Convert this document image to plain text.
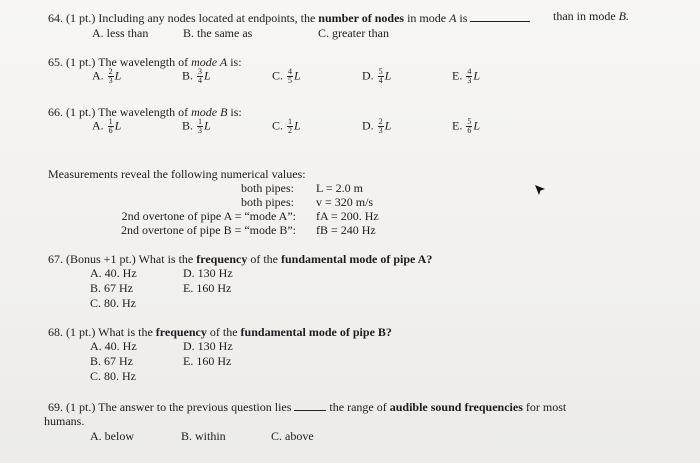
64. (1 pt.) Including any nodes located at endpoints, the number of nodes in mode A is	than in mode B.
A. less than	B. the same as	C. greater than
65. (1 pt.) The wavelength of mode A is:
A. $\frac{2}{3}$ L	B. $\frac{3}{4}$ L	C. $\frac{4}{5}$ L	D. $\frac{5}{4}$ L	E. $\frac{4}{3}$ L
66. (1 pt.) The wavelength of mode B is:
A. $\frac{1}{6}$ L	B. $\frac{1}{3}$ L	C. $\frac{1}{2}$ L	D. $\frac{2}{3}$ L	E. $\frac{5}{6}$ L
Measurements reveal the following numerical values:
both pipes: L = 2.0 m
both pipes: v = 320 m/s
2nd overtone of pipe A = “mode A”: fA = 200. Hz
2nd overtone of pipe B = “mode B”: fB = 240 Hz
67. (Bonus +1 pt.) What is the frequency of the fundamental mode of pipe A?
A. 40. Hz
B. 67 Hz
C. 80. Hz
D. 130 Hz
E. 160 Hz
68. (1 pt.) What is the frequency of the fundamental mode of pipe B?
A. 40. Hz
B. 67 Hz
C. 80. Hz
D. 130 Hz
E. 160 Hz
69. (1 pt.) The answer to the previous question lies	the range of audible sound frequencies for most
humans.
A. below	B. within	C. above
